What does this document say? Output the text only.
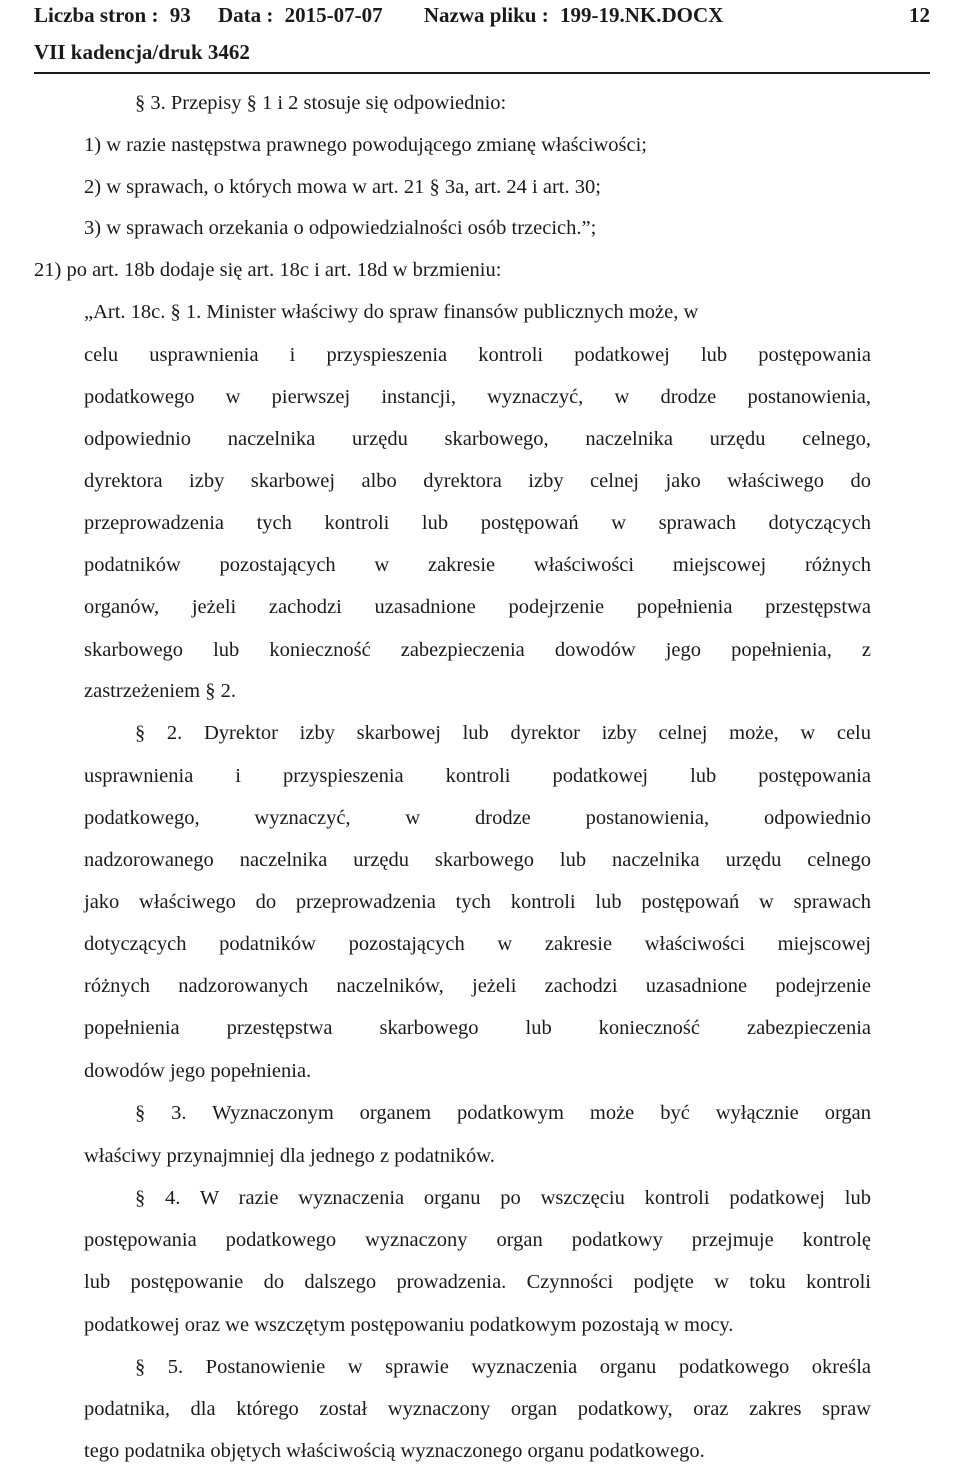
Liczba stron : 93 Data : 2015-07-07 Nazwa pliku : 199-19.NK.DOCX	12
VII kadencja/druk 3462
§ 3. Przepisy § 1 i 2 stosuje się odpowiednio:
1) w razie następstwa prawnego powodującego zmianę właściwości;
2) w sprawach, o których mowa w art. 21 § 3a, art. 24 i art. 30;
3) w sprawach orzekania o odpowiedzialności osób trzecich.”;
21) po art. 18b dodaje się art. 18c i art. 18d w brzmieniu:
„Art. 18c. § 1. Minister właściwy do spraw finansów publicznych może, w
celu usprawnienia i przyspieszenia kontroli podatkowej lub postępowania
podatkowego w pierwszej instancji, wyznaczyć, w drodze postanowienia,
odpowiednio naczelnika urzędu skarbowego, naczelnika urzędu celnego,
dyrektora izby skarbowej albo dyrektora izby celnej jako właściwego do
przeprowadzenia tych kontroli lub postępowań w sprawach dotyczących
podatników pozostających w zakresie właściwości miejscowej różnych
organów, jeżeli zachodzi uzasadnione podejrzenie popełnienia przestępstwa
skarbowego lub konieczność zabezpieczenia dowodów jego popełnienia, z
zastrzeżeniem § 2.
§ 2. Dyrektor izby skarbowej lub dyrektor izby celnej może, w celu
usprawnienia i przyspieszenia kontroli podatkowej lub postępowania
podatkowego, wyznaczyć, w drodze postanowienia, odpowiednio
nadzorowanego naczelnika urzędu skarbowego lub naczelnika urzędu celnego
jako właściwego do przeprowadzenia tych kontroli lub postępowań w sprawach
dotyczących podatników pozostających w zakresie właściwości miejscowej
różnych nadzorowanych naczelników, jeżeli zachodzi uzasadnione podejrzenie
popełnienia przestępstwa skarbowego lub konieczność zabezpieczenia
dowodów jego popełnienia.
§ 3. Wyznaczonym organem podatkowym może być wyłącznie organ
właściwy przynajmniej dla jednego z podatników.
§ 4. W razie wyznaczenia organu po wszczęciu kontroli podatkowej lub
postępowania podatkowego wyznaczony organ podatkowy przejmuje kontrolę
lub postępowanie do dalszego prowadzenia. Czynności podjęte w toku kontroli
podatkowej oraz we wszczętym postępowaniu podatkowym pozostają w mocy.
§ 5. Postanowienie w sprawie wyznaczenia organu podatkowego określa
podatnika, dla którego został wyznaczony organ podatkowy, oraz zakres spraw
tego podatnika objętych właściwością wyznaczonego organu podatkowego.
